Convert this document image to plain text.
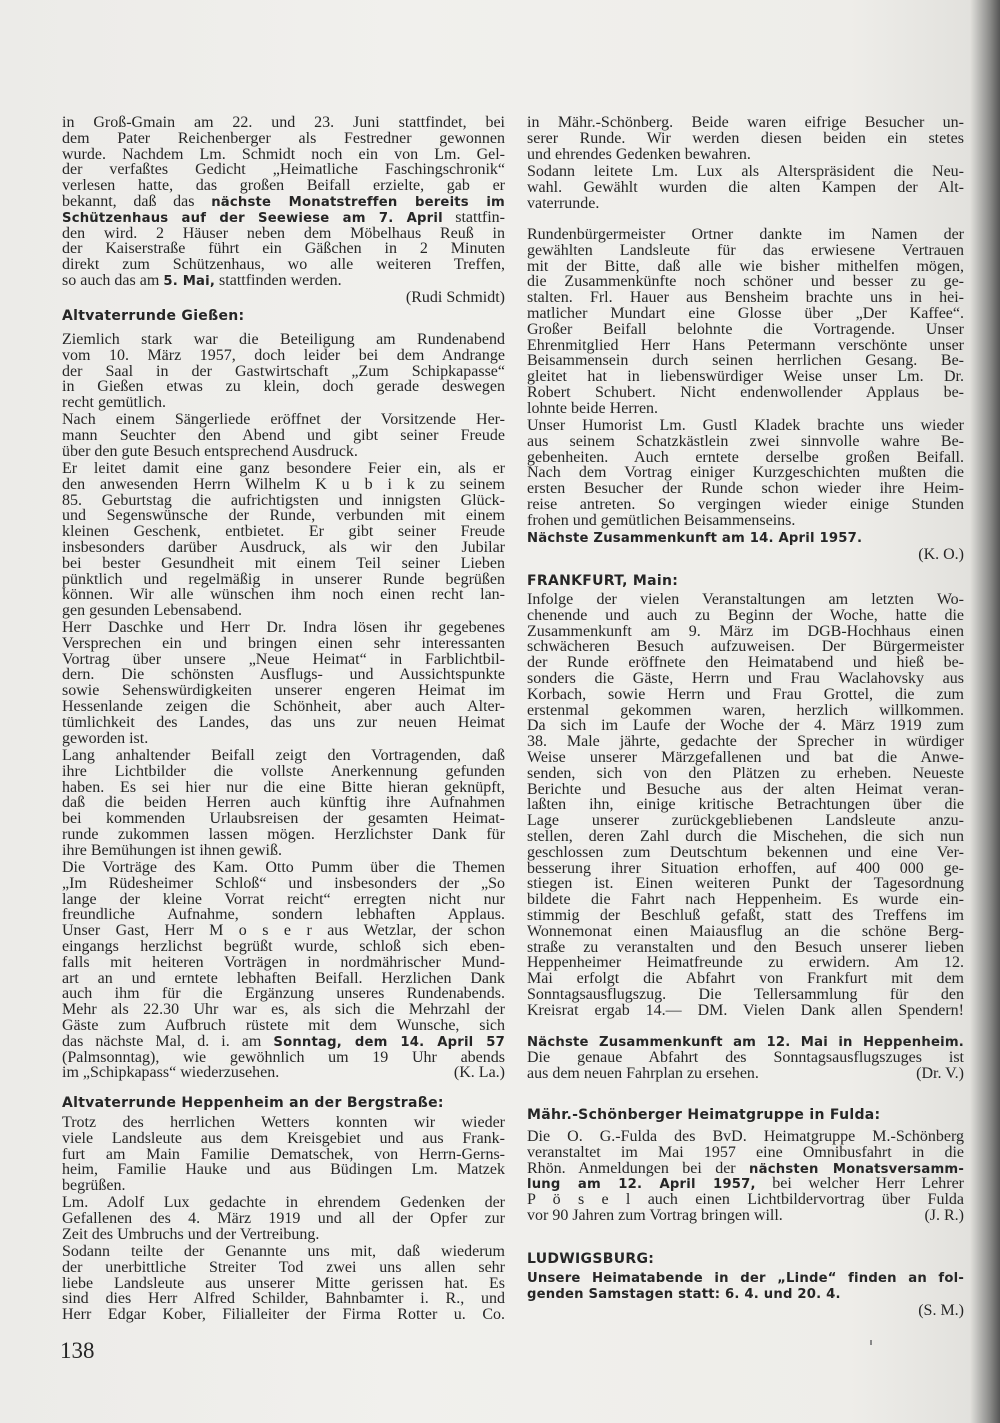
in Groß-Gmain am 22. und 23. Juni stattfindet, bei
dem Pater Reichenberger als Festredner gewonnen
wurde. Nachdem Lm. Schmidt noch ein von Lm. Gel-
der verfaßtes Gedicht „Heimatliche Faschingschronik“
verlesen hatte, das großen Beifall erzielte, gab er
bekannt, daß das nächste Monatstreffen bereits im
Schützenhaus auf der Seewiese am 7. April stattfin-
den wird. 2 Häuser neben dem Möbelhaus Reuß in
der Kaiserstraße führt ein Gäßchen in 2 Minuten
direkt zum Schützenhaus, wo alle weiteren Treffen,
so auch das am 5. Mai, stattfinden werden.
(Rudi Schmidt)
Altvaterrunde Gießen:
Ziemlich stark war die Beteiligung am Rundenabend
vom 10. März 1957, doch leider bei dem Andrange
der Saal in der Gastwirtschaft „Zum Schipkapasse“
in Gießen etwas zu klein, doch gerade deswegen
recht gemütlich.
Nach einem Sängerliede eröffnet der Vorsitzende Her-
mann Seuchter den Abend und gibt seiner Freude
über den gute Besuch entsprechend Ausdruck.
Er leitet damit eine ganz besondere Feier ein, als er
den anwesenden Herrn Wilhelm K u b i k zu seinem
85. Geburtstag die aufrichtigsten und innigsten Glück-
und Segenswünsche der Runde, verbunden mit einem
kleinen Geschenk, entbietet. Er gibt seiner Freude
insbesonders darüber Ausdruck, als wir den Jubilar
bei bester Gesundheit mit einem Teil seiner Lieben
pünktlich und regelmäßig in unserer Runde begrüßen
können. Wir alle wünschen ihm noch einen recht lan-
gen gesunden Lebensabend.
Herr Daschke und Herr Dr. Indra lösen ihr gegebenes
Versprechen ein und bringen einen sehr interessanten
Vortrag über unsere „Neue Heimat“ in Farblichtbil-
dern. Die schönsten Ausflugs- und Aussichtspunkte
sowie Sehenswürdigkeiten unserer engeren Heimat im
Hessenlande zeigen die Schönheit, aber auch Alter-
tümlichkeit des Landes, das uns zur neuen Heimat
geworden ist.
Lang anhaltender Beifall zeigt den Vortragenden, daß
ihre Lichtbilder die vollste Anerkennung gefunden
haben. Es sei hier nur die eine Bitte hieran geknüpft,
daß die beiden Herren auch künftig ihre Aufnahmen
bei kommenden Urlaubsreisen der gesamten Heimat-
runde zukommen lassen mögen. Herzlichster Dank für
ihre Bemühungen ist ihnen gewiß.
Die Vorträge des Kam. Otto Pumm über die Themen
„Im Rüdesheimer Schloß“ und insbesonders der „So
lange der kleine Vorrat reicht“ erregten nicht nur
freundliche Aufnahme, sondern lebhaften Applaus.
Unser Gast, Herr M o s e r aus Wetzlar, der schon
eingangs herzlichst begrüßt wurde, schloß sich eben-
falls mit heiteren Vorträgen in nordmährischer Mund-
art an und erntete lebhaften Beifall. Herzlichen Dank
auch ihm für die Ergänzung unseres Rundenabends.
Mehr als 22.30 Uhr war es, als sich die Mehrzahl der
Gäste zum Aufbruch rüstete mit dem Wunsche, sich
das nächste Mal, d. i. am Sonntag, dem 14. April 57
(Palmsonntag), wie gewöhnlich um 19 Uhr abends
im „Schipkapass“ wiederzusehen.	(K. La.)
Altvaterrunde Heppenheim an der Bergstraße:
Trotz des herrlichen Wetters konnten wir wieder
viele Landsleute aus dem Kreisgebiet und aus Frank-
furt am Main Familie Dematschek, von Herrn-Gerns-
heim, Familie Hauke und aus Büdingen Lm. Matzek
begrüßen.
Lm. Adolf Lux gedachte in ehrendem Gedenken der
Gefallenen des 4. März 1919 und all der Opfer zur
Zeit des Umbruchs und der Vertreibung.
Sodann teilte der Genannte uns mit, daß wiederum
der unerbittliche Streiter Tod zwei uns allen sehr
liebe Landsleute aus unserer Mitte gerissen hat. Es
sind dies Herr Alfred Schilder, Bahnbamter i. R., und
Herr Edgar Kober, Filialleiter der Firma Rotter u. Co.
in Mähr.-Schönberg. Beide waren eifrige Besucher un-
serer Runde. Wir werden diesen beiden ein stetes
und ehrendes Gedenken bewahren.
Sodann leitete Lm. Lux als Alterspräsident die Neu-
wahl. Gewählt wurden die alten Kampen der Alt-
vaterrunde.
Rundenbürgermeister Ortner dankte im Namen der
gewählten Landsleute für das erwiesene Vertrauen
mit der Bitte, daß alle wie bisher mithelfen mögen,
die Zusammenkünfte noch schöner und besser zu ge-
stalten. Frl. Hauer aus Bensheim brachte uns in hei-
matlicher Mundart eine Glosse über „Der Kaffee“.
Großer Beifall belohnte die Vortragende. Unser
Ehrenmitglied Herr Hans Petermann verschönte unser
Beisammensein durch seinen herrlichen Gesang. Be-
gleitet hat in liebenswürdiger Weise unser Lm. Dr.
Robert Schubert. Nicht endenwollender Applaus be-
lohnte beide Herren.
Unser Humorist Lm. Gustl Kladek brachte uns wieder
aus seinem Schatzkästlein zwei sinnvolle wahre Be-
gebenheiten. Auch erntete derselbe großen Beifall.
Nach dem Vortrag einiger Kurzgeschichten mußten die
ersten Besucher der Runde schon wieder ihre Heim-
reise antreten. So vergingen wieder einige Stunden
frohen und gemütlichen Beisammenseins.
Nächste Zusammenkunft am 14. April 1957.
(K. O.)
FRANKFURT, Main:
Infolge der vielen Veranstaltungen am letzten Wo-
chenende und auch zu Beginn der Woche, hatte die
Zusammenkunft am 9. März im DGB-Hochhaus einen
schwächeren Besuch aufzuweisen. Der Bürgermeister
der Runde eröffnete den Heimatabend und hieß be-
sonders die Gäste, Herrn und Frau Waclahovsky aus
Korbach, sowie Herrn und Frau Grottel, die zum
erstenmal gekommen waren, herzlich willkommen.
Da sich im Laufe der Woche der 4. März 1919 zum
38. Male jährte, gedachte der Sprecher in würdiger
Weise unserer Märzgefallenen und bat die Anwe-
senden, sich von den Plätzen zu erheben. Neueste
Berichte und Besuche aus der alten Heimat veran-
laßten ihn, einige kritische Betrachtungen über die
Lage unserer zurückgebliebenen Landsleute anzu-
stellen, deren Zahl durch die Mischehen, die sich nun
geschlossen zum Deutschtum bekennen und eine Ver-
besserung ihrer Situation erhoffen, auf 400 000 ge-
stiegen ist. Einen weiteren Punkt der Tagesordnung
bildete die Fahrt nach Heppenheim. Es wurde ein-
stimmig der Beschluß gefaßt, statt des Treffens im
Wonnemonat einen Maiausflug an die schöne Berg-
straße zu veranstalten und den Besuch unserer lieben
Heppenheimer Heimatfreunde zu erwidern. Am 12.
Mai erfolgt die Abfahrt von Frankfurt mit dem
Sonntagsausflugszug. Die Tellersammlung für den
Kreisrat ergab 14.— DM. Vielen Dank allen Spendern!
Nächste Zusammenkunft am 12. Mai in Heppenheim.
Die genaue Abfahrt des Sonntagsausflugszuges ist
aus dem neuen Fahrplan zu ersehen.	(Dr. V.)
Mähr.-Schönberger Heimatgruppe in Fulda:
Die O. G.-Fulda des BvD. Heimatgruppe M.-Schönberg
veranstaltet im Mai 1957 eine Omnibusfahrt in die
Rhön. Anmeldungen bei der nächsten Monatsversamm-
lung am 12. April 1957, bei welcher Herr Lehrer
P ö s e l auch einen Lichtbildervortrag über Fulda
vor 90 Jahren zum Vortrag bringen will.	(J. R.)
LUDWIGSBURG:
Unsere Heimatabende in der „Linde“ finden an fol-
genden Samstagen statt: 6. 4. und 20. 4.
(S. M.)
138
